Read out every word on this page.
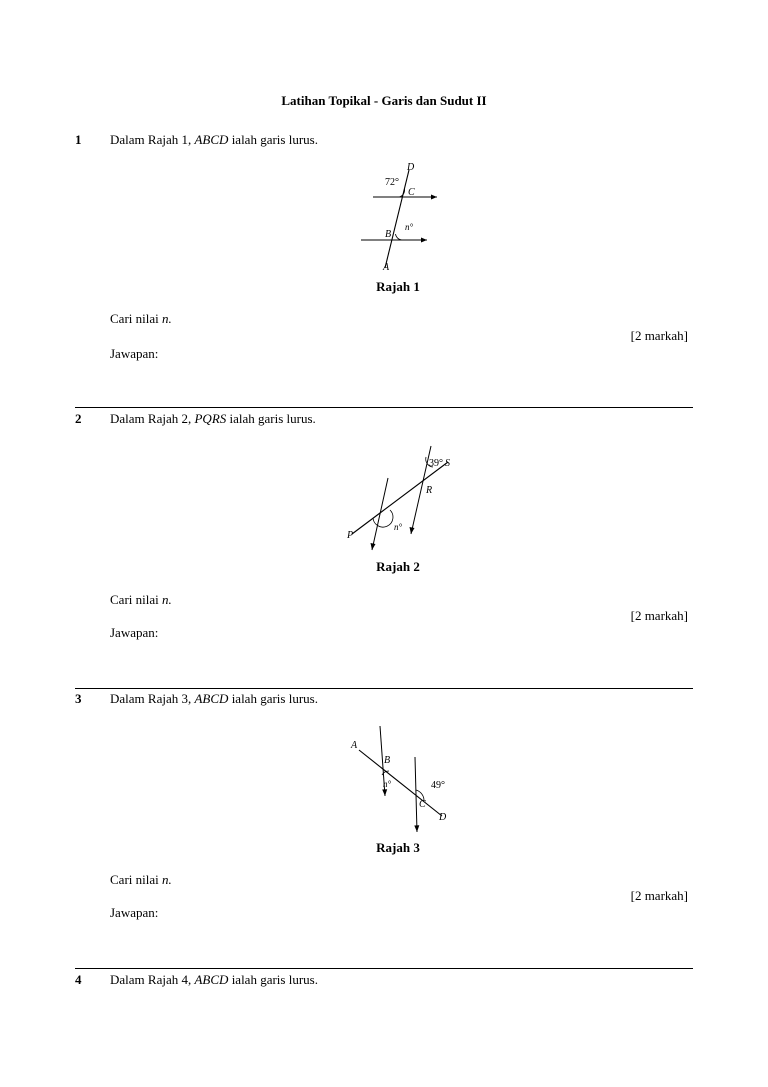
Latihan Topikal - Garis dan Sudut II
1 Dalam Rajah 1, ABCD ialah garis lurus.
72°
n°
D
C
B
A
Rajah 1
Cari nilai n.
[2 markah]
Jawapan:
2 Dalam Rajah 2, PQRS ialah garis lurus.
39°
n°
S
R
P
Rajah 2
Cari nilai n.
[2 markah]
Jawapan:
3 Dalam Rajah 3, ABCD ialah garis lurus.
49°
n°
A
B
C
D
Rajah 3
Cari nilai n.
[2 markah]
Jawapan:
4 Dalam Rajah 4, ABCD ialah garis lurus.
